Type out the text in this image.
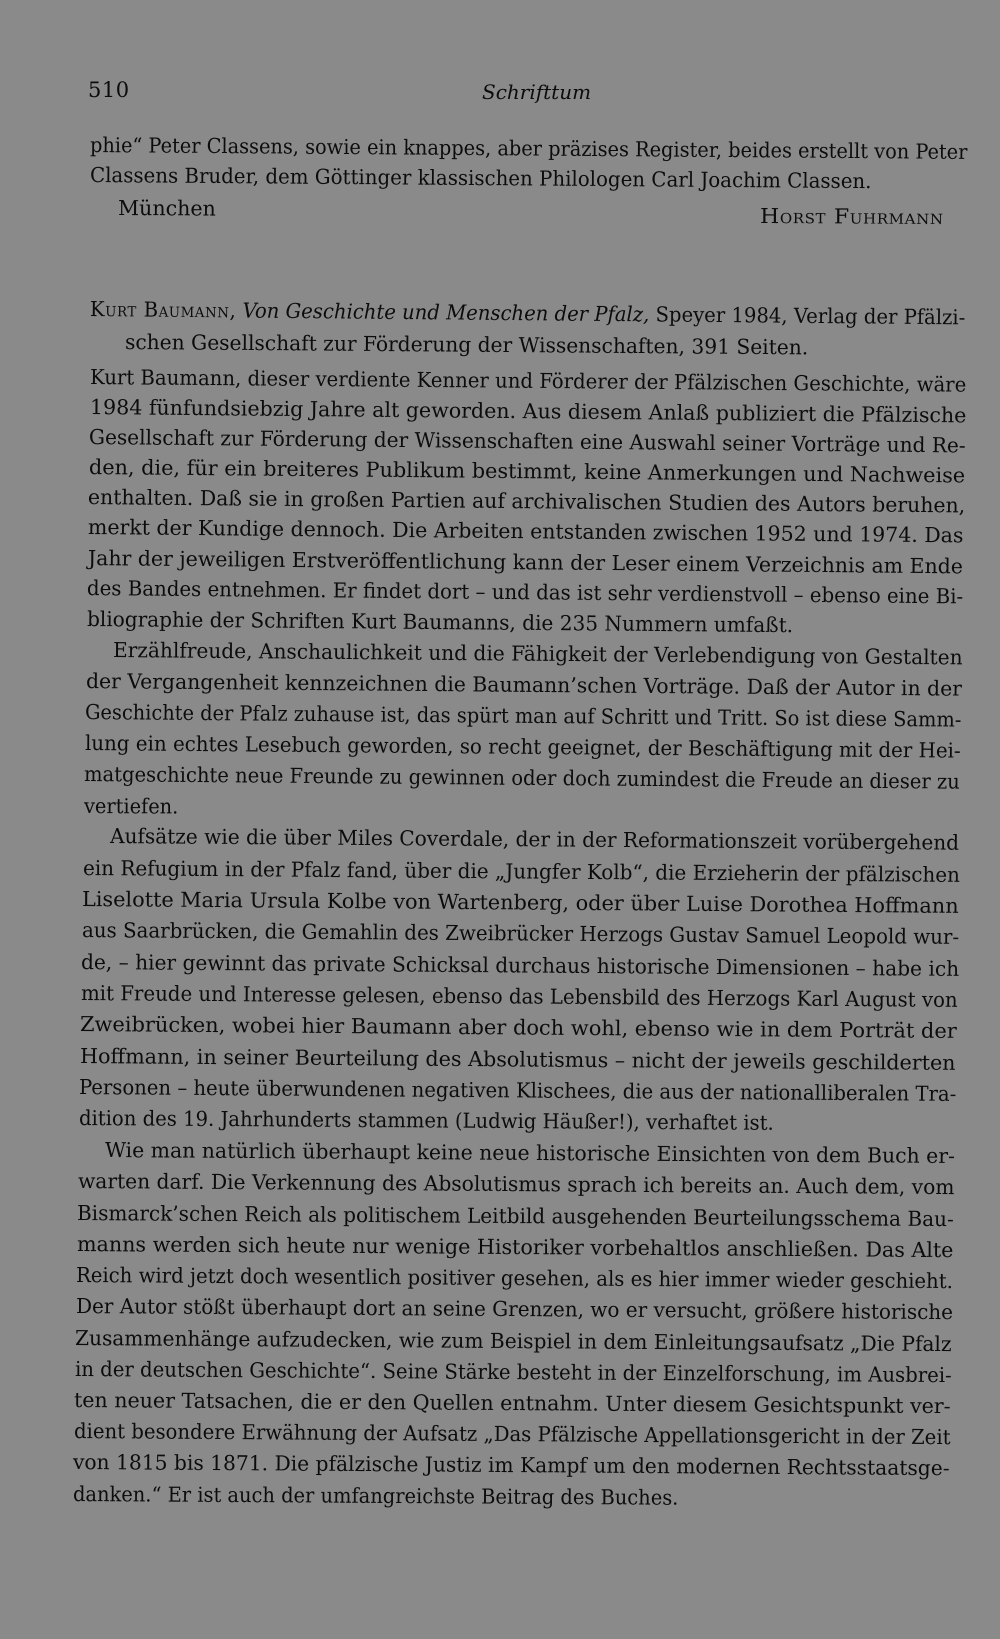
510	Schrifttum
phie“ Peter Classens, sowie ein knappes, aber präzises Register, beides erstellt von Peter
Classens Bruder, dem Göttinger klassischen Philologen Carl Joachim Classen.
München	Horst Fuhrmann
Kurt Baumann, Von Geschichte und Menschen der Pfalz, Speyer 1984, Verlag der Pfälzi-
schen Gesellschaft zur Förderung der Wissenschaften, 391 Seiten.
Kurt Baumann, dieser verdiente Kenner und Förderer der Pfälzischen Geschichte, wäre
1984 fünfundsiebzig Jahre alt geworden. Aus diesem Anlaß publiziert die Pfälzische
Gesellschaft zur Förderung der Wissenschaften eine Auswahl seiner Vorträge und Re-
den, die, für ein breiteres Publikum bestimmt, keine Anmerkungen und Nachweise
enthalten. Daß sie in großen Partien auf archivalischen Studien des Autors beruhen,
merkt der Kundige dennoch. Die Arbeiten entstanden zwischen 1952 und 1974. Das
Jahr der jeweiligen Erstveröffentlichung kann der Leser einem Verzeichnis am Ende
des Bandes entnehmen. Er findet dort – und das ist sehr verdienstvoll – ebenso eine Bi-
bliographie der Schriften Kurt Baumanns, die 235 Nummern umfaßt.
Erzählfreude, Anschaulichkeit und die Fähigkeit der Verlebendigung von Gestalten
der Vergangenheit kennzeichnen die Baumann’schen Vorträge. Daß der Autor in der
Geschichte der Pfalz zuhause ist, das spürt man auf Schritt und Tritt. So ist diese Samm-
lung ein echtes Lesebuch geworden, so recht geeignet, der Beschäftigung mit der Hei-
matgeschichte neue Freunde zu gewinnen oder doch zumindest die Freude an dieser zu
vertiefen.
Aufsätze wie die über Miles Coverdale, der in der Reformationszeit vorübergehend
ein Refugium in der Pfalz fand, über die „Jungfer Kolb“, die Erzieherin der pfälzischen
Liselotte Maria Ursula Kolbe von Wartenberg, oder über Luise Dorothea Hoffmann
aus Saarbrücken, die Gemahlin des Zweibrücker Herzogs Gustav Samuel Leopold wur-
de, – hier gewinnt das private Schicksal durchaus historische Dimensionen – habe ich
mit Freude und Interesse gelesen, ebenso das Lebensbild des Herzogs Karl August von
Zweibrücken, wobei hier Baumann aber doch wohl, ebenso wie in dem Porträt der
Hoffmann, in seiner Beurteilung des Absolutismus – nicht der jeweils geschilderten
Personen – heute überwundenen negativen Klischees, die aus der nationalliberalen Tra-
dition des 19. Jahrhunderts stammen (Ludwig Häußer!), verhaftet ist.
Wie man natürlich überhaupt keine neue historische Einsichten von dem Buch er-
warten darf. Die Verkennung des Absolutismus sprach ich bereits an. Auch dem, vom
Bismarck’schen Reich als politischem Leitbild ausgehenden Beurteilungsschema Bau-
manns werden sich heute nur wenige Historiker vorbehaltlos anschließen. Das Alte
Reich wird jetzt doch wesentlich positiver gesehen, als es hier immer wieder geschieht.
Der Autor stößt überhaupt dort an seine Grenzen, wo er versucht, größere historische
Zusammenhänge aufzudecken, wie zum Beispiel in dem Einleitungsaufsatz „Die Pfalz
in der deutschen Geschichte“. Seine Stärke besteht in der Einzelforschung, im Ausbrei-
ten neuer Tatsachen, die er den Quellen entnahm. Unter diesem Gesichtspunkt ver-
dient besondere Erwähnung der Aufsatz „Das Pfälzische Appellationsgericht in der Zeit
von 1815 bis 1871. Die pfälzische Justiz im Kampf um den modernen Rechtsstaatsge-
danken.“ Er ist auch der umfangreichste Beitrag des Buches.
